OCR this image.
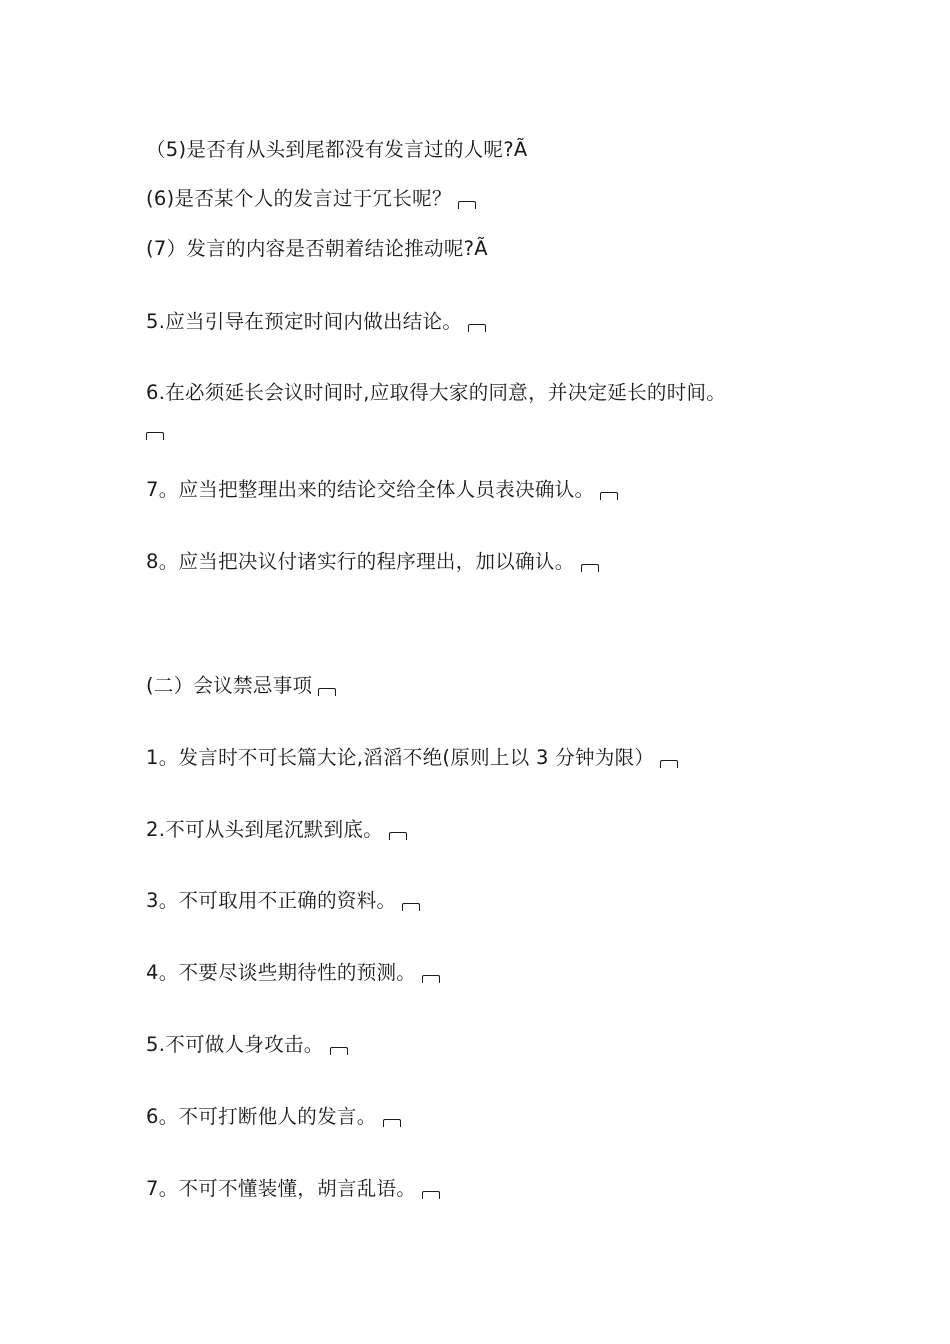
（5)是否有从头到尾都没有发言过的人呢?Ã
(6)是否某个人的发言过于冗长呢？
(7）发言的内容是否朝着结论推动呢?Ã
5.应当引导在预定时间内做出结论。
6.在必须延长会议时间时,应取得大家的同意，并决定延长的时间。
7。应当把整理出来的结论交给全体人员表决确认。
8。应当把决议付诸实行的程序理出，加以确认。
(二）会议禁忌事项
1。发言时不可长篇大论,滔滔不绝(原则上以 3 分钟为限）
2.不可从头到尾沉默到底。
3。不可取用不正确的资料。
4。不要尽谈些期待性的预测。
5.不可做人身攻击。
6。不可打断他人的发言。
7。不可不懂装懂，胡言乱语。
